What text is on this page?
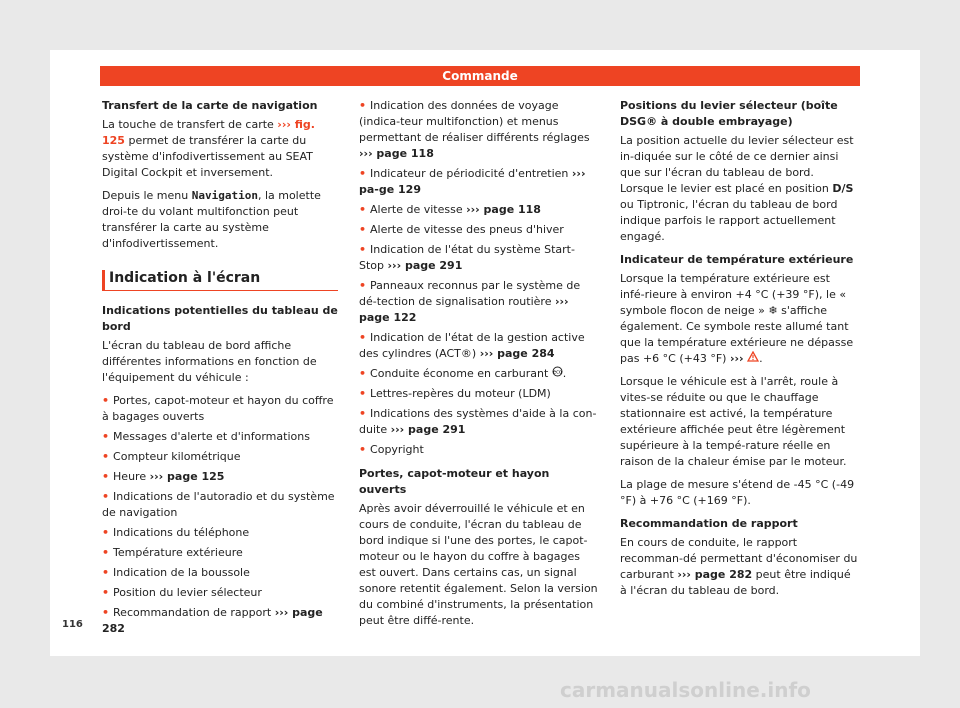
Commande
Transfert de la carte de navigation

La touche de transfert de carte ››› fig. 125 permet de transférer la carte du système d'infodivertissement au SEAT Digital Cockpit et inversement.

Depuis le menu Navigation, la molette droi-te du volant multifonction peut transférer la carte au système d'infodivertissement.

Indication à l'écran
Indications potentielles du tableau de bord

L'écran du tableau de bord affiche différentes informations en fonction de l'équipement du véhicule :

• Portes, capot-moteur et hayon du coffre à bagages ouverts
• Messages d'alerte et d'informations
• Compteur kilométrique
• Heure ››› page 125
• Indications de l'autoradio et du système de navigation
• Indications du téléphone
• Température extérieure
• Indication de la boussole
• Position du levier sélecteur
• Recommandation de rapport ››› page 282
• Indication des données de voyage (indica-teur multifonction) et menus permettant de réaliser différents réglages ››› page 118
• Indicateur de périodicité d'entretien ››› pa-ge 129
• Alerte de vitesse ››› page 118
• Alerte de vitesse des pneus d'hiver
• Indication de l'état du système Start-Stop ››› page 291
• Panneaux reconnus par le système de dé-tection de signalisation routière ››› page 122
• Indication de l'état de la gestion active des cylindres (ACT®) ››› page 284
• Conduite économe en carburant eco .
• Lettres-repères du moteur (LDM)
• Indications des systèmes d'aide à la con-duite ››› page 291
• Copyright
Portes, capot-moteur et hayon ouverts

Après avoir déverrouillé le véhicule et en cours de conduite, l'écran du tableau de bord indique si l'une des portes, le capot-moteur ou le hayon du coffre à bagages est ouvert. Dans certains cas, un signal sonore retentit également. Selon la version du combiné d'instruments, la présentation peut être diffé-rente.

Positions du levier sélecteur (boîte DSG® à double embrayage)

La position actuelle du levier sélecteur est in-diquée sur le côté de ce dernier ainsi que sur l'écran du tableau de bord. Lorsque le levier est placé en position D/S ou Tiptronic, l'écran du tableau de bord indique parfois le rapport actuellement engagé.

Indicateur de température extérieure

Lorsque la température extérieure est infé-rieure à environ +4 °C (+39 °F), le « symbole flocon de neige » ❄ s'affiche également. Ce symbole reste allumé tant que la température extérieure ne dépasse pas +6 °C (+43 °F) ››› .

Lorsque le véhicule est à l'arrêt, roule à vites-se réduite ou que le chauffage stationnaire est activé, la température extérieure affichée peut être légèrement supérieure à la tempé-rature réelle en raison de la chaleur émise par le moteur.

La plage de mesure s'étend de -45 °C (-49 °F) à +76 °C (+169 °F).

Recommandation de rapport

En cours de conduite, le rapport recomman-dé permettant d'économiser du carburant ››› page 282 peut être indiqué à l'écran du tableau de bord.

116
carmanualsonline.info
